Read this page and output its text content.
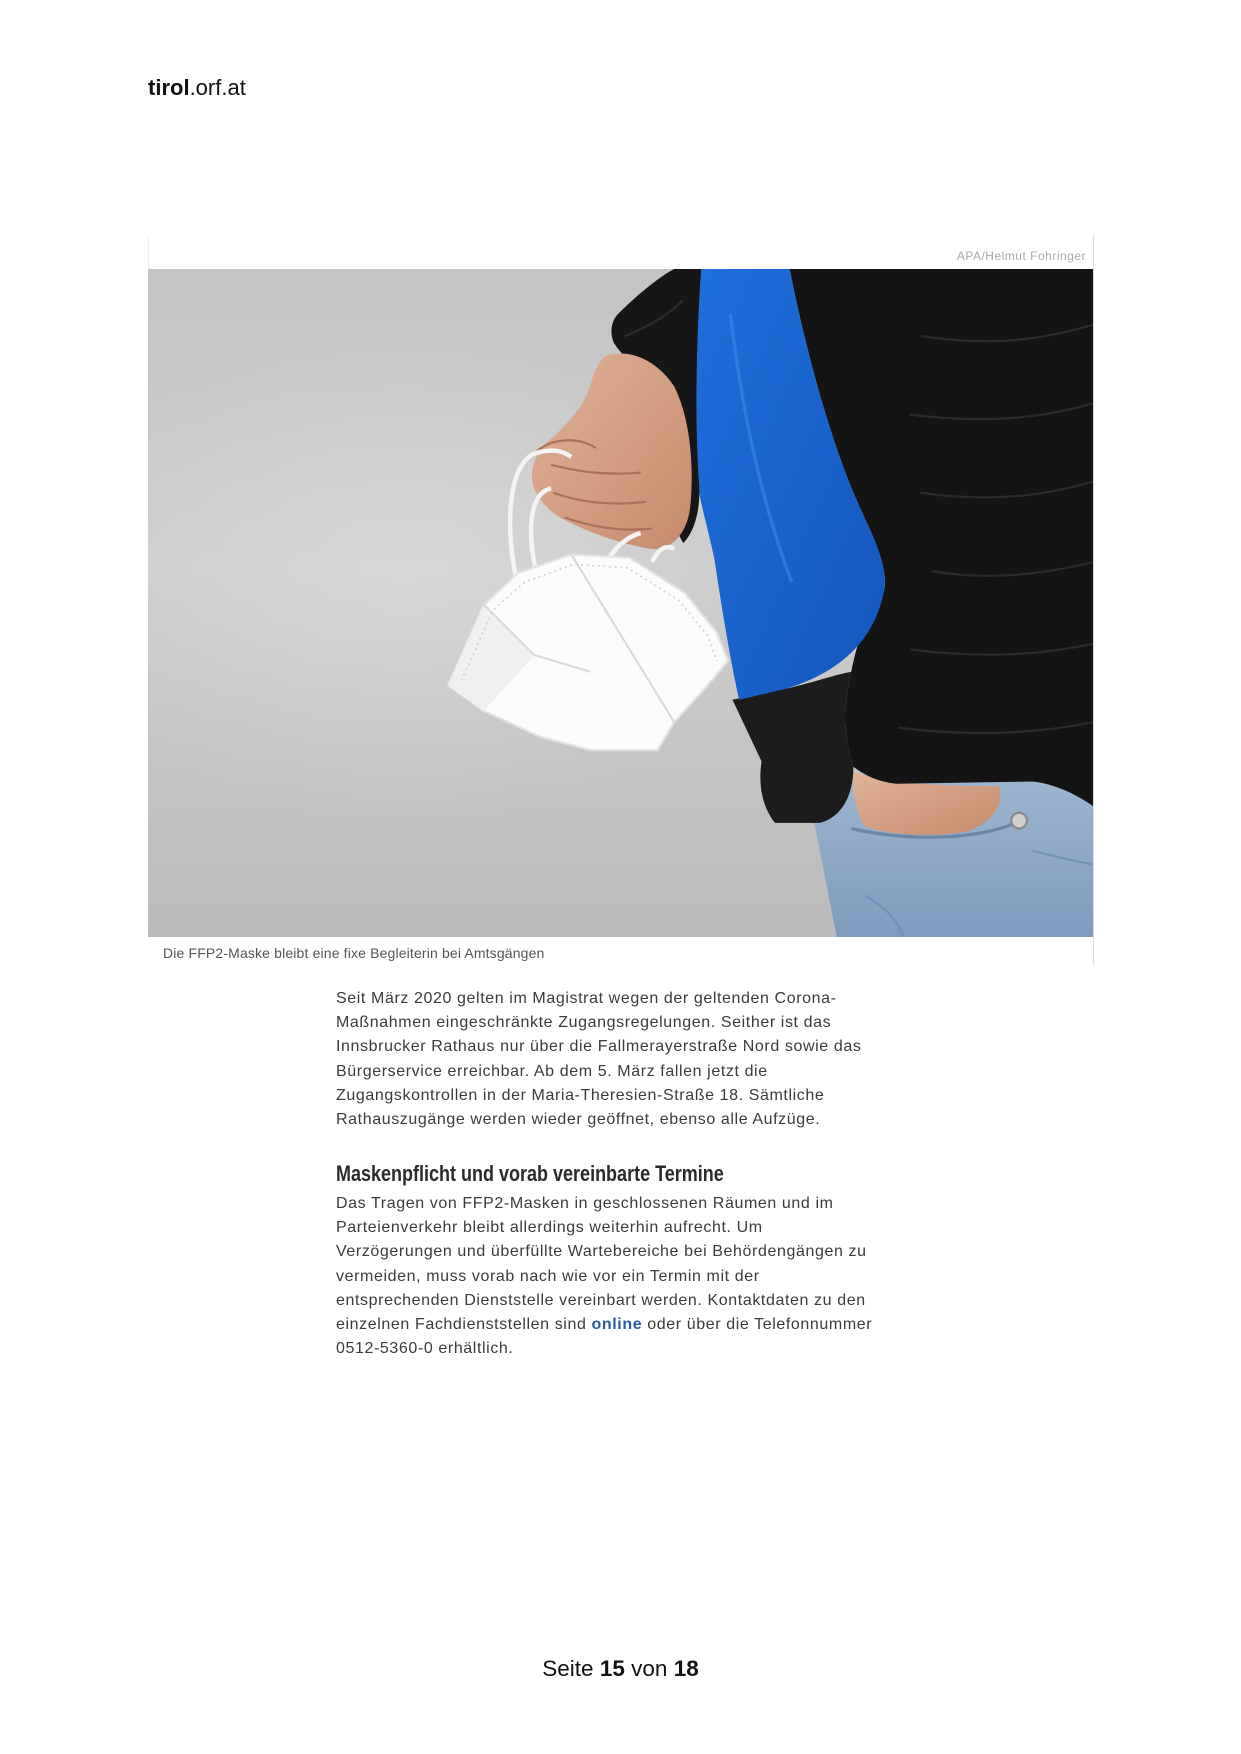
tirol.orf.at
APA/Helmut Fohringer
Die FFP2-Maske bleibt eine fixe Begleiterin bei Amtsgängen
Seit März 2020 gelten im Magistrat wegen der geltenden Corona-
Maßnahmen eingeschränkte Zugangsregelungen. Seither ist das
Innsbrucker Rathaus nur über die Fallmerayerstraße Nord sowie das
Bürgerservice erreichbar. Ab dem 5. März fallen jetzt die
Zugangskontrollen in der Maria-Theresien-Straße 18. Sämtliche
Rathauszugänge werden wieder geöffnet, ebenso alle Aufzüge.
Maskenpflicht und vorab vereinbarte Termine
Das Tragen von FFP2-Masken in geschlossenen Räumen und im
Parteienverkehr bleibt allerdings weiterhin aufrecht. Um
Verzögerungen und überfüllte Wartebereiche bei Behördengängen zu
vermeiden, muss vorab nach wie vor ein Termin mit der
entsprechenden Dienststelle vereinbart werden. Kontaktdaten zu den
einzelnen Fachdienststellen sind online oder über die Telefonnummer
0512-5360-0 erhältlich.
Seite 15 von 18
